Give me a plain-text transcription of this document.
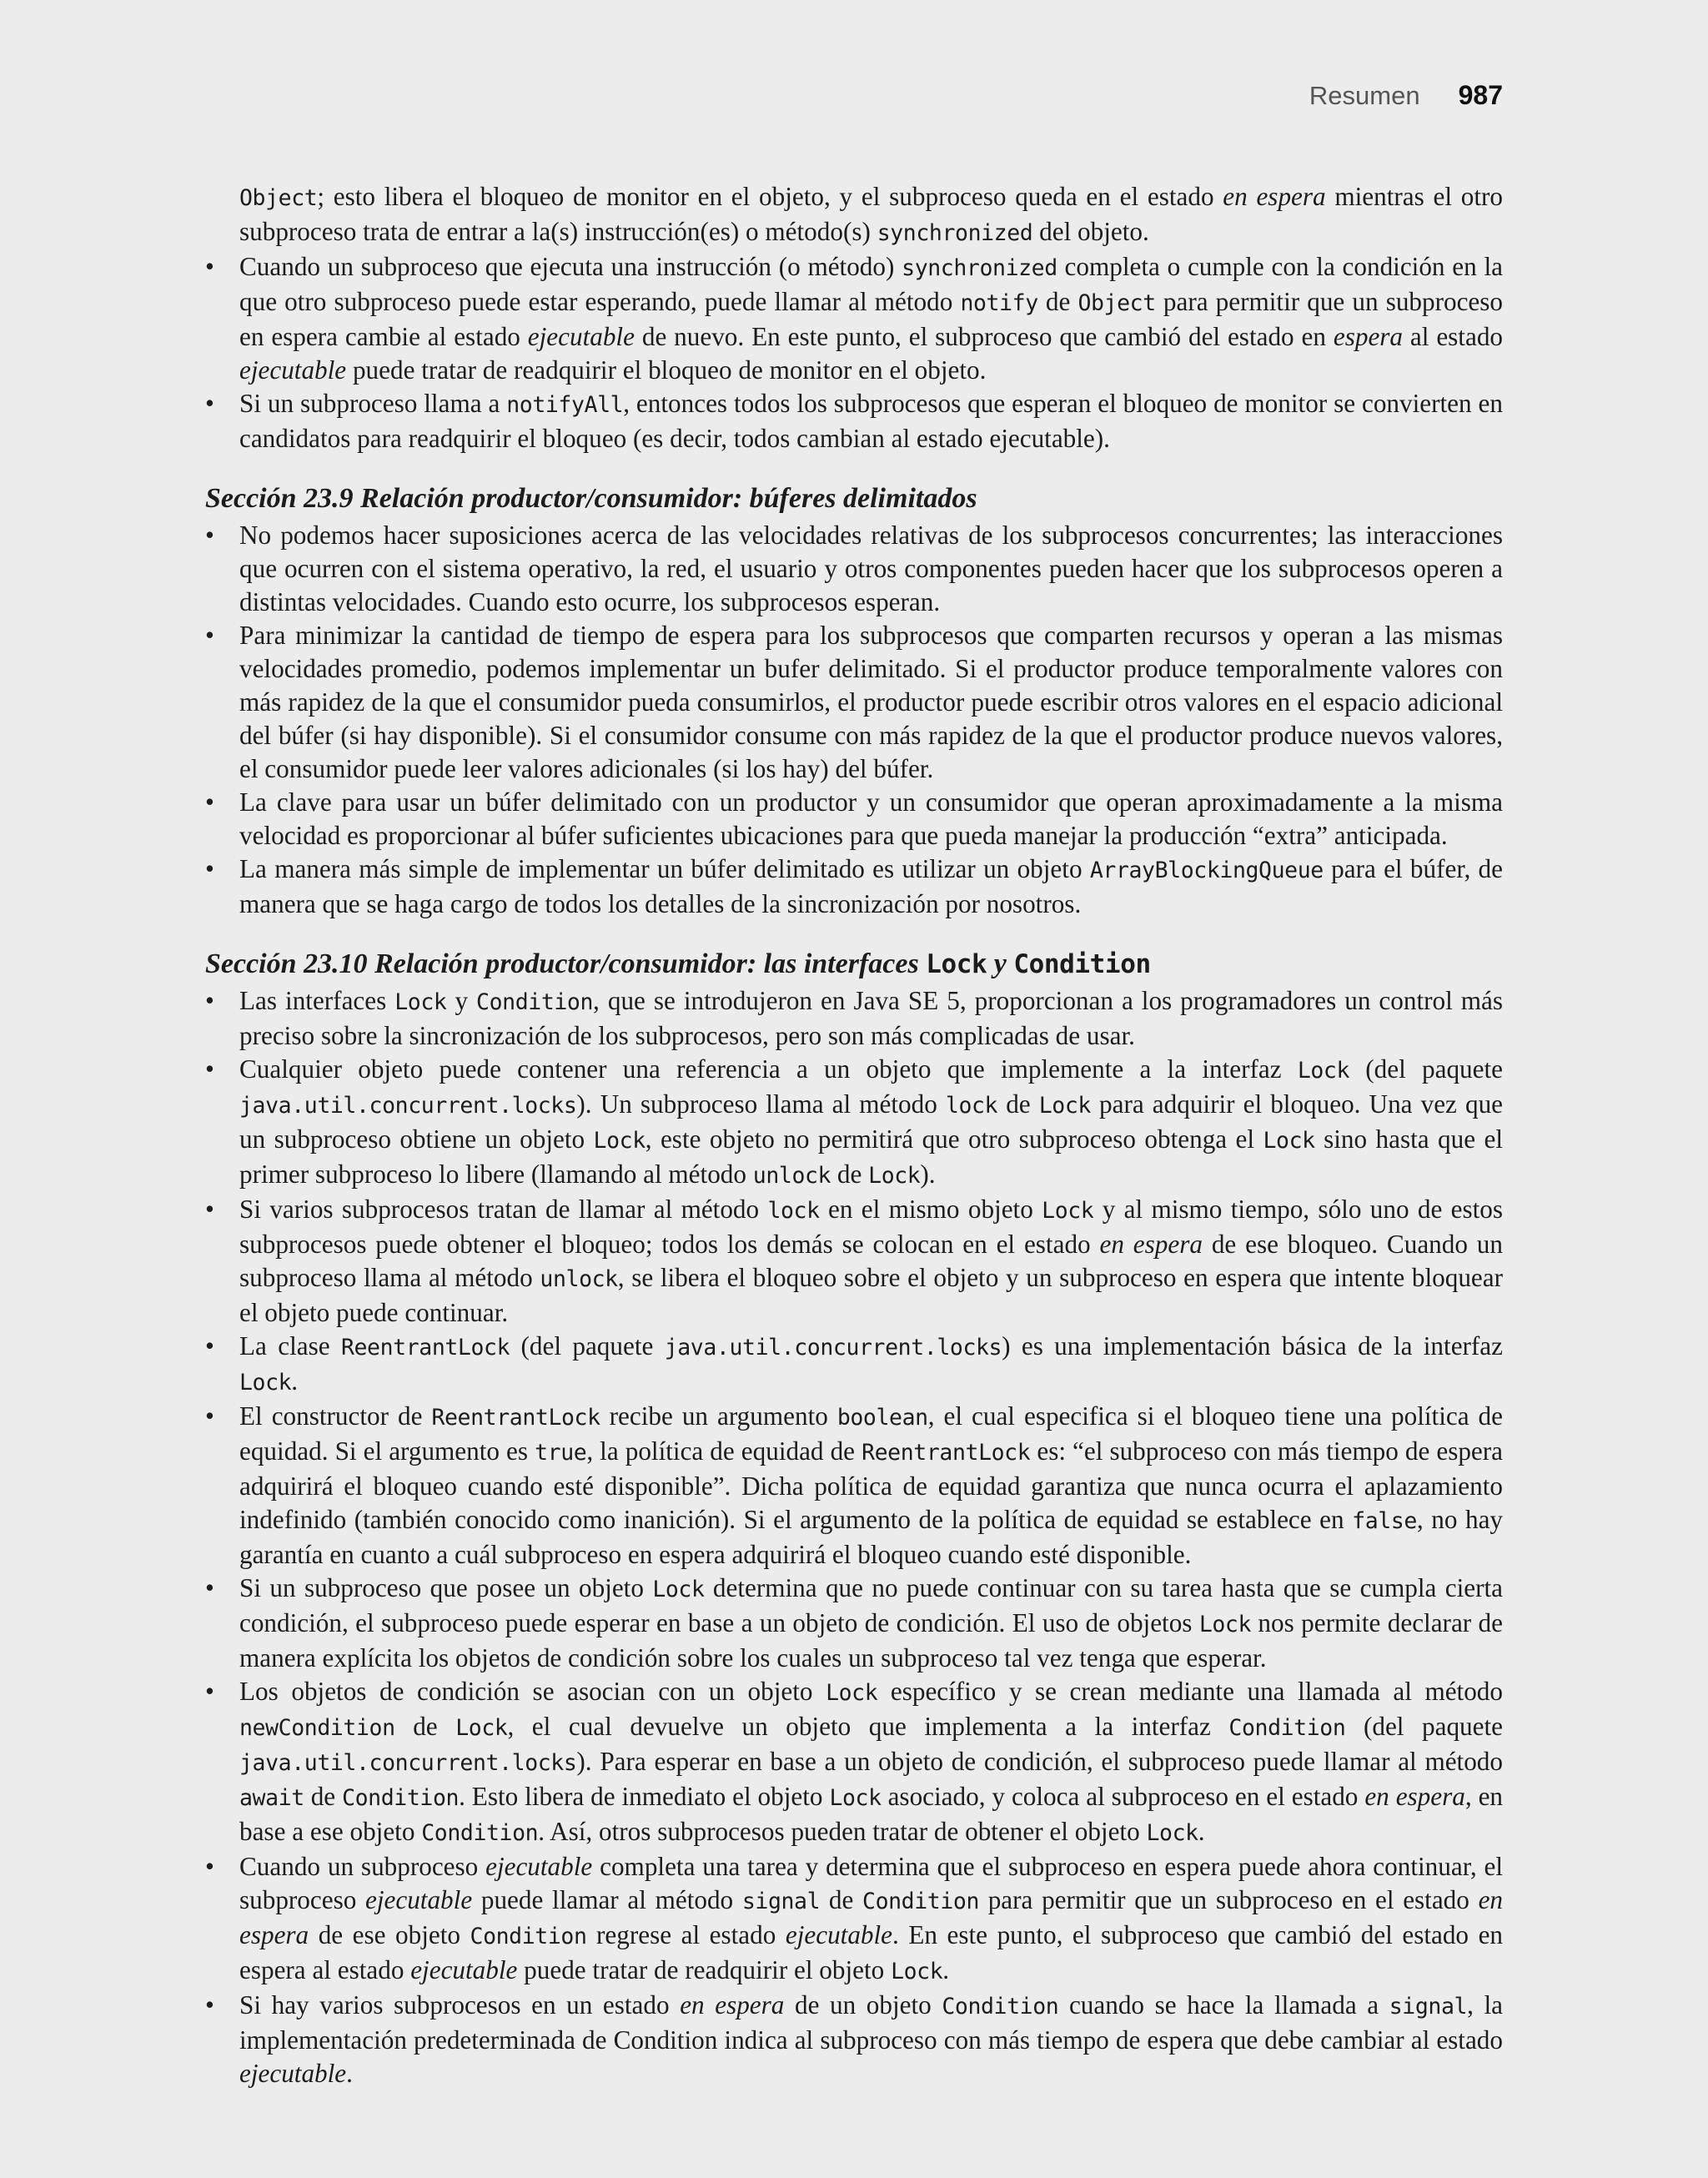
Resumen 987

Object; esto libera el bloqueo de monitor en el objeto, y el subproceso queda en el estado en espera mientras el otro subproceso trata de entrar a la(s) instrucción(es) o método(s) synchronized del objeto.

• Cuando un subproceso que ejecuta una instrucción (o método) synchronized completa o cumple con la condición en la que otro subproceso puede estar esperando, puede llamar al método notify de Object para permitir que un subproceso en espera cambie al estado ejecutable de nuevo. En este punto, el subproceso que cambió del estado en espera al estado ejecutable puede tratar de readquirir el bloqueo de monitor en el objeto.
• Si un subproceso llama a notifyAll, entonces todos los subprocesos que esperan el bloqueo de monitor se convierten en candidatos para readquirir el bloqueo (es decir, todos cambian al estado ejecutable).
Sección 23.9 Relación productor/consumidor: búferes delimitados
• No podemos hacer suposiciones acerca de las velocidades relativas de los subprocesos concurrentes; las interacciones que ocurren con el sistema operativo, la red, el usuario y otros componentes pueden hacer que los subprocesos operen a distintas velocidades. Cuando esto ocurre, los subprocesos esperan.
• Para minimizar la cantidad de tiempo de espera para los subprocesos que comparten recursos y operan a las mismas velocidades promedio, podemos implementar un bufer delimitado. Si el productor produce temporalmente valores con más rapidez de la que el consumidor pueda consumirlos, el productor puede escribir otros valores en el espacio adicional del búfer (si hay disponible). Si el consumidor consume con más rapidez de la que el productor produce nuevos valores, el consumidor puede leer valores adicionales (si los hay) del búfer.
• La clave para usar un búfer delimitado con un productor y un consumidor que operan aproximadamente a la misma velocidad es proporcionar al búfer suficientes ubicaciones para que pueda manejar la producción “extra” anticipada.
• La manera más simple de implementar un búfer delimitado es utilizar un objeto ArrayBlockingQueue para el búfer, de manera que se haga cargo de todos los detalles de la sincronización por nosotros.
Sección 23.10 Relación productor/consumidor: las interfaces Lock y Condition
• Las interfaces Lock y Condition, que se introdujeron en Java SE 5, proporcionan a los programadores un control más preciso sobre la sincronización de los subprocesos, pero son más complicadas de usar.
• Cualquier objeto puede contener una referencia a un objeto que implemente a la interfaz Lock (del paquete java.util.concurrent.locks). Un subproceso llama al método lock de Lock para adquirir el bloqueo. Una vez que un subproceso obtiene un objeto Lock, este objeto no permitirá que otro subproceso obtenga el Lock sino hasta que el primer subproceso lo libere (llamando al método unlock de Lock).
• Si varios subprocesos tratan de llamar al método lock en el mismo objeto Lock y al mismo tiempo, sólo uno de estos subprocesos puede obtener el bloqueo; todos los demás se colocan en el estado en espera de ese bloqueo. Cuando un subproceso llama al método unlock, se libera el bloqueo sobre el objeto y un subproceso en espera que intente bloquear el objeto puede continuar.
• La clase ReentrantLock (del paquete java.util.concurrent.locks) es una implementación básica de la interfaz Lock.
• El constructor de ReentrantLock recibe un argumento boolean, el cual especifica si el bloqueo tiene una política de equidad. Si el argumento es true, la política de equidad de ReentrantLock es: “el subproceso con más tiempo de espera adquirirá el bloqueo cuando esté disponible”. Dicha política de equidad garantiza que nunca ocurra el aplazamiento indefinido (también conocido como inanición). Si el argumento de la política de equidad se establece en false, no hay garantía en cuanto a cuál subproceso en espera adquirirá el bloqueo cuando esté disponible.
• Si un subproceso que posee un objeto Lock determina que no puede continuar con su tarea hasta que se cumpla cierta condición, el subproceso puede esperar en base a un objeto de condición. El uso de objetos Lock nos permite declarar de manera explícita los objetos de condición sobre los cuales un subproceso tal vez tenga que esperar.
• Los objetos de condición se asocian con un objeto Lock específico y se crean mediante una llamada al método newCondition de Lock, el cual devuelve un objeto que implementa a la interfaz Condition (del paquete java.util.concurrent.locks). Para esperar en base a un objeto de condición, el subproceso puede llamar al método await de Condition. Esto libera de inmediato el objeto Lock asociado, y coloca al subproceso en el estado en espera, en base a ese objeto Condition. Así, otros subprocesos pueden tratar de obtener el objeto Lock.
• Cuando un subproceso ejecutable completa una tarea y determina que el subproceso en espera puede ahora continuar, el subproceso ejecutable puede llamar al método signal de Condition para permitir que un subproceso en el estado en espera de ese objeto Condition regrese al estado ejecutable. En este punto, el subproceso que cambió del estado en espera al estado ejecutable puede tratar de readquirir el objeto Lock.
• Si hay varios subprocesos en un estado en espera de un objeto Condition cuando se hace la llamada a signal, la implementación predeterminada de Condition indica al subproceso con más tiempo de espera que debe cambiar al estado ejecutable.
